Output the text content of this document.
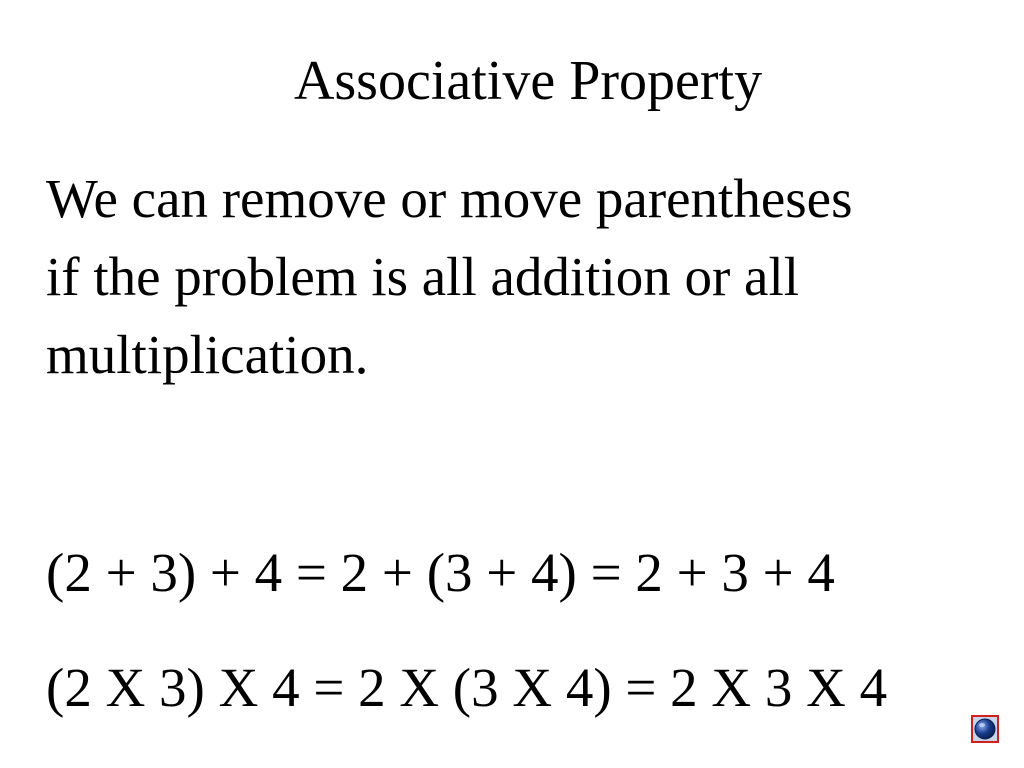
Associative Property

We can remove or move parentheses
if the problem is all addition or all
multiplication.

(2 + 3) + 4 = 2 + (3 + 4) = 2 + 3 + 4

(2 X 3) X 4 = 2 X (3 X 4) = 2 X 3 X 4
